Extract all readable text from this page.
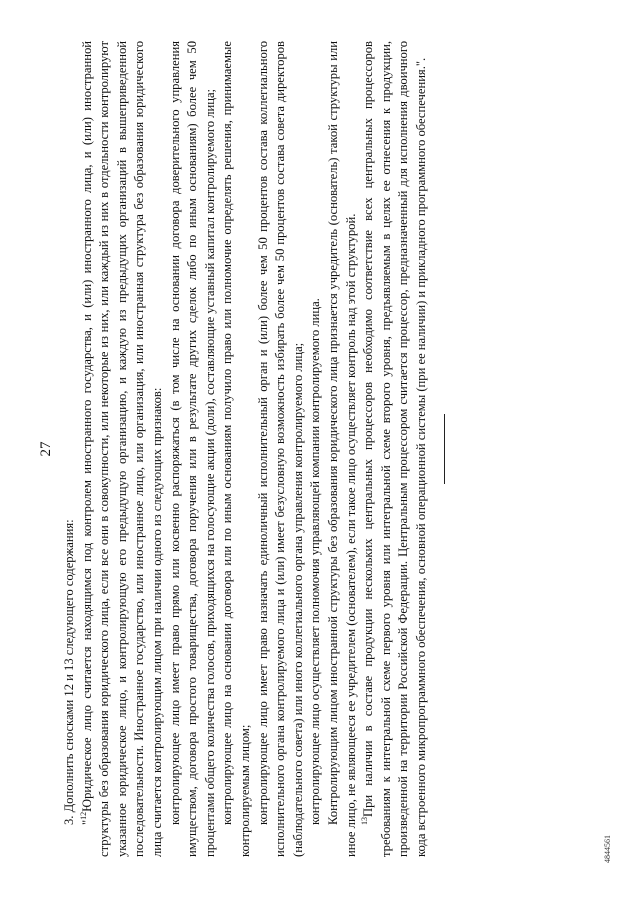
27

3. Дополнить сносками 12 и 13 следующего содержания: "$^{12}$Юридическое лицо считается находящимся под контролем иностранного государства, и (или) иностранного лица, и (или) иностранной структуры без образования юридического лица, если все они в совокупности, или некоторые из них, или каждый из них в отдельности контролируют указанное юридическое лицо, и контролирующую его предыдущую организацию, и каждую из предыдущих организаций в вышеприведенной последовательности. Иностранное государство, или иностранное лицо, или организация, или иностранная структура без образования юридического лица считается контролирующим лицом при наличии одного из следующих признаков: контролирующее лицо имеет право прямо или косвенно распоряжаться (в том числе на основании договора доверительного управления имуществом, договора простого товарищества, договора поручения или в результате других сделок либо по иным основаниям) более чем 50 процентами общего количества голосов, приходящихся на голосующие акции (доли), составляющие уставный капитал контролируемого лица; контролирующее лицо на основании договора или по иным основаниям получило право или полномочие определять решения, принимаемые контролируемым лицом; контролирующее лицо имеет право назначать единоличный исполнительный орган и (или) более чем 50 процентов состава коллегиального исполнительного органа контролируемого лица и (или) имеет безусловную возможность избирать более чем 50 процентов состава совета директоров (наблюдательного совета) или иного коллегиального органа управления контролируемого лица; контролирующее лицо осуществляет полномочия управляющей компании контролируемого лица. Контролирующим лицом иностранной структуры без образования юридического лица признается учредитель (основатель) такой структуры или иное лицо, не являющееся ее учредителем (основателем), если такое лицо осуществляет контроль над этой структурой. $^{13}$При наличии в составе продукции нескольких центральных процессоров необходимо соответствие всех центральных процессоров требованиям к интегральной схеме первого уровня или интегральной схеме второго уровня, предъявляемым в целях ее отнесения к продукции, произведенной на территории Российской Федерации. Центральным процессором считается процессор, предназначенный для исполнения двоичного кода встроенного микропрограммного обеспечения, основной операционной системы (при ее наличии) и прикладного программного обеспечения.".	4844561
